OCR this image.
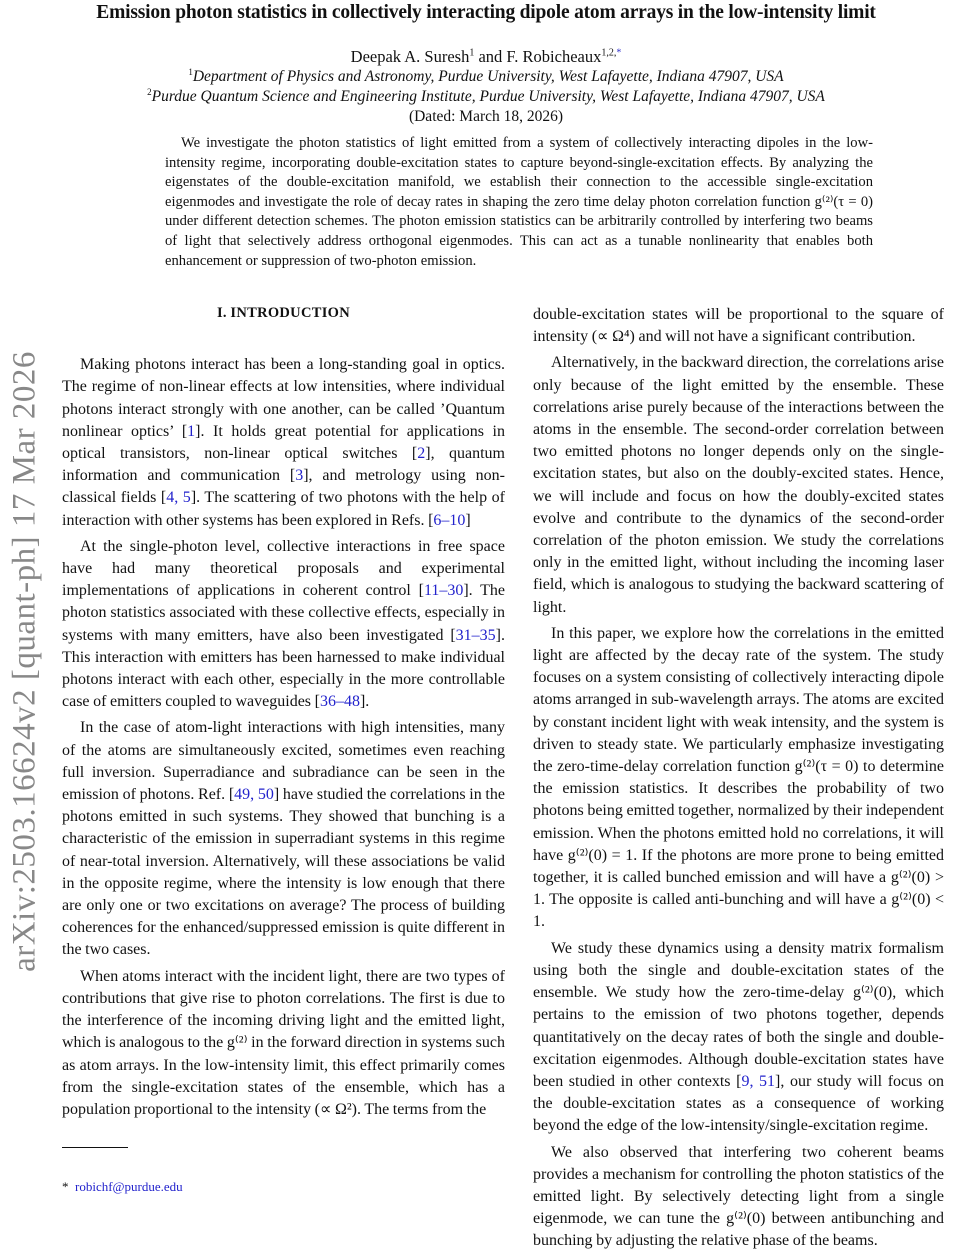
arXiv:2503.16624v2 [quant-ph] 17 Mar 2026
Emission photon statistics in collectively interacting dipole atom arrays in the low-intensity limit
Deepak A. Suresh$^1$ and F. Robicheaux$^{1,2,*}$
$^1$Department of Physics and Astronomy, Purdue University, West Lafayette, Indiana 47907, USA
$^2$Purdue Quantum Science and Engineering Institute, Purdue University, West Lafayette, Indiana 47907, USA
(Dated: March 18, 2026)
We investigate the photon statistics of light emitted from a system of collectively interacting dipoles in the low-intensity regime, incorporating double-excitation states to capture beyond-single-excitation effects. By analyzing the eigenstates of the double-excitation manifold, we establish their connection to the accessible single-excitation eigenmodes and investigate the role of decay rates in shaping the zero time delay photon correlation function g⁽²⁾(τ = 0) under different detection schemes. The photon emission statistics can be arbitrarily controlled by interfering two beams of light that selectively address orthogonal eigenmodes. This can act as a tunable nonlinearity that enables both enhancement or suppression of two-photon emission.
I. INTRODUCTION

Making photons interact has been a long-standing goal in optics. The regime of non-linear effects at low intensities, where individual photons interact strongly with one another, can be called ’Quantum nonlinear optics’ [1]. It holds great potential for applications in optical transistors, non-linear optical switches [2], quantum information and communication [3], and metrology using non-classical fields [4, 5]. The scattering of two photons with the help of interaction with other systems has been explored in Refs. [6–10]

At the single-photon level, collective interactions in free space have had many theoretical proposals and experimental implementations of applications in coherent control [11–30]. The photon statistics associated with these collective effects, especially in systems with many emitters, have also been investigated [31–35]. This interaction with emitters has been harnessed to make individual photons interact with each other, especially in the more controllable case of emitters coupled to waveguides [36–48].

In the case of atom-light interactions with high intensities, many of the atoms are simultaneously excited, sometimes even reaching full inversion. Superradiance and subradiance can be seen in the emission of photons. Ref. [49, 50] have studied the correlations in the photons emitted in such systems. They showed that bunching is a characteristic of the emission in superradiant systems in this regime of near-total inversion. Alternatively, will these associations be valid in the opposite regime, where the intensity is low enough that there are only one or two excitations on average? The process of building coherences for the enhanced/suppressed emission is quite different in the two cases.

When atoms interact with the incident light, there are two types of contributions that give rise to photon correlations. The first is due to the interference of the incoming driving light and the emitted light, which is analogous to the g⁽²⁾ in the forward direction in systems such as atom arrays. In the low-intensity limit, this effect primarily comes from the single-excitation states of the ensemble, which has a population proportional to the intensity (∝ Ω²). The terms from the

double-excitation states will be proportional to the square of intensity (∝ Ω⁴) and will not have a significant contribution.

Alternatively, in the backward direction, the correlations arise only because of the light emitted by the ensemble. These correlations arise purely because of the interactions between the atoms in the ensemble. The second-order correlation between two emitted photons no longer depends only on the single-excitation states, but also on the doubly-excited states. Hence, we will include and focus on how the doubly-excited states evolve and contribute to the dynamics of the second-order correlation of the photon emission. We study the correlations only in the emitted light, without including the incoming laser field, which is analogous to studying the backward scattering of light.

In this paper, we explore how the correlations in the emitted light are affected by the decay rate of the system. The study focuses on a system consisting of collectively interacting dipole atoms arranged in sub-wavelength arrays. The atoms are excited by constant incident light with weak intensity, and the system is driven to steady state. We particularly emphasize investigating the zero-time-delay correlation function g⁽²⁾(τ = 0) to determine the emission statistics. It describes the probability of two photons being emitted together, normalized by their independent emission. When the photons emitted hold no correlations, it will have g⁽²⁾(0) = 1. If the photons are more prone to being emitted together, it is called bunched emission and will have a g⁽²⁾(0) > 1. The opposite is called anti-bunching and will have a g⁽²⁾(0) < 1.

We study these dynamics using a density matrix formalism using both the single and double-excitation states of the ensemble. We study how the zero-time-delay g⁽²⁾(0), which pertains to the emission of two photons together, depends quantitatively on the decay rates of both the single and double-excitation eigenmodes. Although double-excitation states have been studied in other contexts [9, 51], our study will focus on the double-excitation states as a consequence of working beyond the edge of the low-intensity/single-excitation regime.

We also observed that interfering two coherent beams provides a mechanism for controlling the photon statistics of the emitted light. By selectively detecting light from a single eigenmode, we can tune the g⁽²⁾(0) between antibunching and bunching by adjusting the relative phase of the beams.

* robichf@purdue.edu
